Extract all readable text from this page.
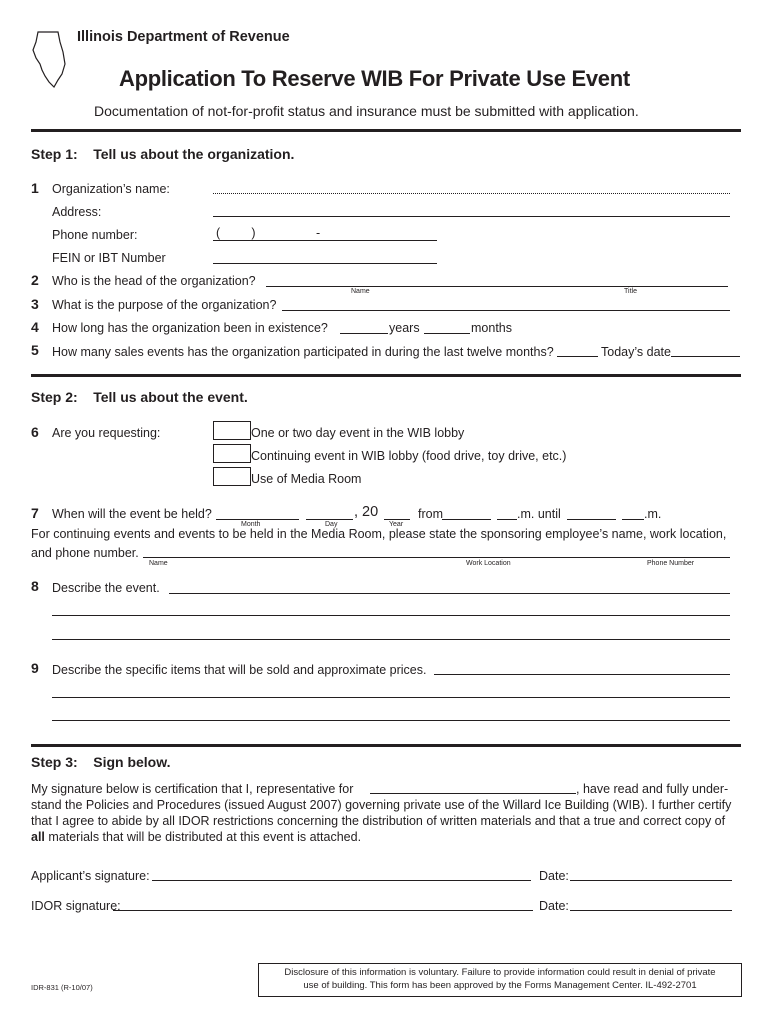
Illinois Department of Revenue
Application To Reserve WIB For Private Use Event
Documentation of not-for-profit status and insurance must be submitted with application.
Step 1:    Tell us about the organization.
1 Organization’s name:
Address:
Phone number:	(         )	-
FEIN or IBT Number
2 Who is the head of the organization?
Name	Title
3 What is the purpose of the organization?
4 How long has the organization been in existence?	years	months
5 How many sales events has the organization participated in during the last twelve months?	Today’s date
Step 2:    Tell us about the event.
6 Are you requesting:	One or two day event in the WIB lobby
Continuing event in WIB lobby (food drive, toy drive, etc.)
Use of Media Room
7 When will the event be held?	, 20	from	.m. until	.m.
Month	Day	Year
For continuing events and events to be held in the Media Room, please state the sponsoring employee’s name, work location,
and phone number.
Name	Work Location	Phone Number
8 Describe the event.
9 Describe the specific items that will be sold and approximate prices.
Step 3:    Sign below.
My signature below is certification that I, representative for	, have read and fully under-
stand the Policies and Procedures (issued August 2007) governing private use of the Willard Ice Building (WIB). I further certify
that I agree to abide by all IDOR restrictions concerning the distribution of written materials and that a true and correct copy of
all materials that will be distributed at this event is attached.
Applicant’s signature:	Date:
IDOR signature:	Date:
IDR-831 (R-10/07)
Disclosure of this information is voluntary. Failure to provide information could result in denial of private
use of building. This form has been approved by the Forms Management Center. IL-492-2701
